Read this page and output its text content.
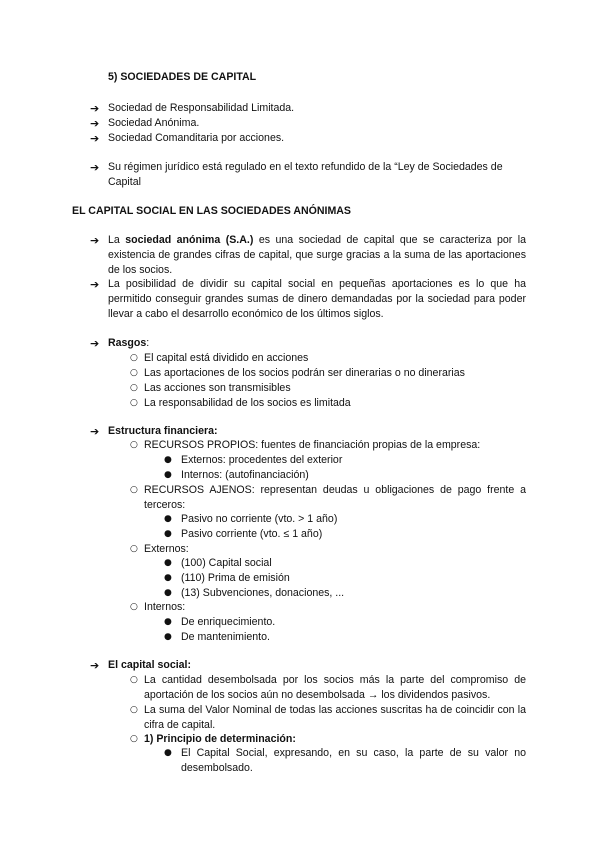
5) SOCIEDADES DE CAPITAL
➔ Sociedad de Responsabilidad Limitada.
➔ Sociedad Anónima.
➔ Sociedad Comanditaria por acciones.
➔ Su régimen jurídico está regulado en el texto refundido de la “Ley de Sociedades de Capital
EL CAPITAL SOCIAL EN LAS SOCIEDADES ANÓNIMAS
➔ La sociedad anónima (S.A.) es una sociedad de capital que se caracteriza por la existencia de grandes cifras de capital, que surge gracias a la suma de las aportaciones de los socios.
➔ La posibilidad de dividir su capital social en pequeñas aportaciones es lo que ha permitido conseguir grandes sumas de dinero demandadas por la sociedad para poder llevar a cabo el desarrollo económico de los últimos siglos.
➔ Rasgos:
○ El capital está dividido en acciones
○ Las aportaciones de los socios podrán ser dinerarias o no dinerarias
○ Las acciones son transmisibles
○ La responsabilidad de los socios es limitada
➔ Estructura financiera:
○ RECURSOS PROPIOS: fuentes de financiación propias de la empresa:
● Externos: procedentes del exterior
● Internos: (autofinanciación)
○ RECURSOS AJENOS: representan deudas u obligaciones de pago frente a terceros:
● Pasivo no corriente (vto. > 1 año)
● Pasivo corriente (vto. ≤ 1 año)
○ Externos:
● (100) Capital social
● (110) Prima de emisión
● (13) Subvenciones, donaciones, ...
○ Internos:
● De enriquecimiento.
● De mantenimiento.
➔ El capital social:
○ La cantidad desembolsada por los socios más la parte del compromiso de aportación de los socios aún no desembolsada → los dividendos pasivos.
○ La suma del Valor Nominal de todas las acciones suscritas ha de coincidir con la cifra de capital.
○ 1) Principio de determinación:
● El Capital Social, expresando, en su caso, la parte de su valor no desembolsado.
